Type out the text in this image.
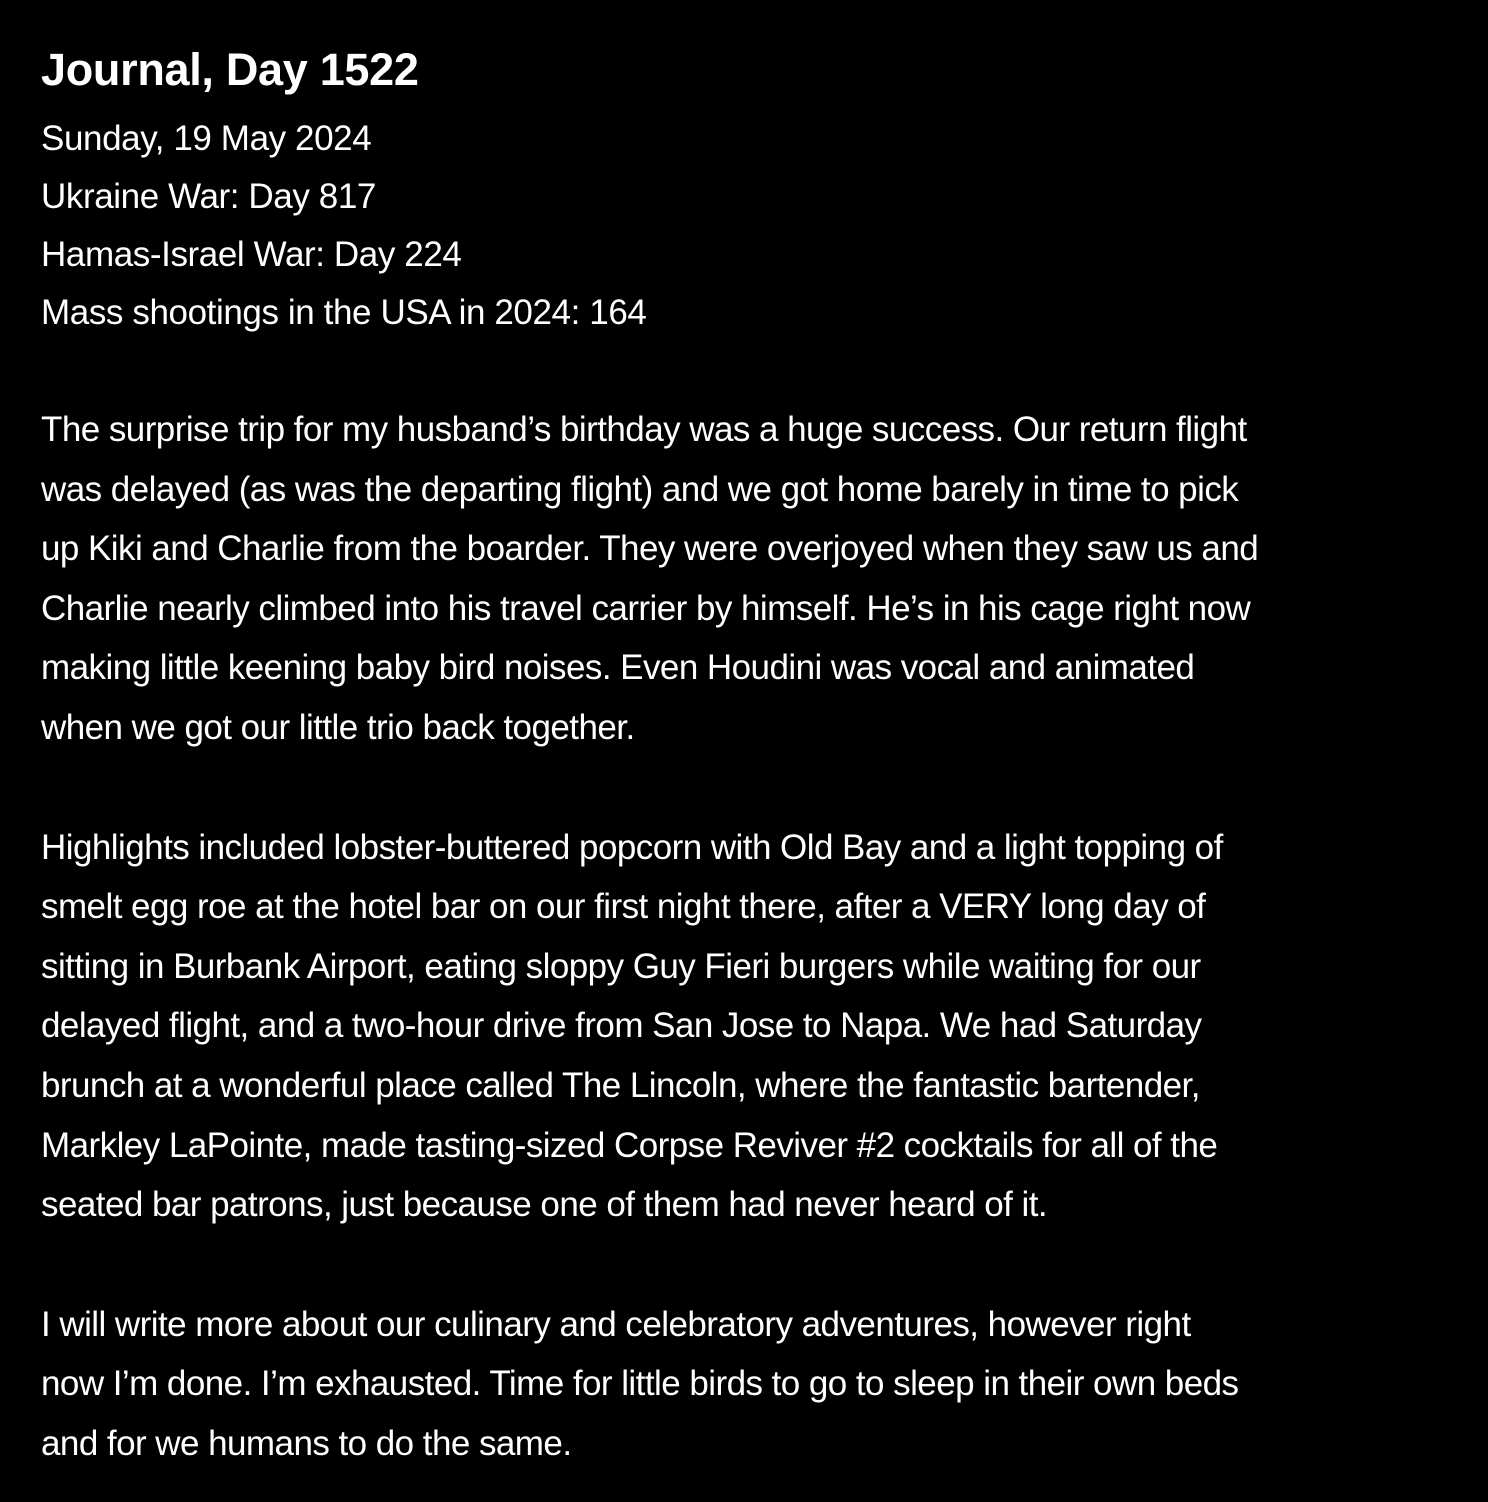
Journal, Day 1522
Sunday, 19 May 2024
Ukraine War: Day 817
Hamas-Israel War: Day 224
Mass shootings in the USA in 2024: 164

The surprise trip for my husband’s birthday was a huge success. Our return flight
was delayed (as was the departing flight) and we got home barely in time to pick
up Kiki and Charlie from the boarder. They were overjoyed when they saw us and
Charlie nearly climbed into his travel carrier by himself. He’s in his cage right now
making little keening baby bird noises. Even Houdini was vocal and animated
when we got our little trio back together.

Highlights included lobster-buttered popcorn with Old Bay and a light topping of
smelt egg roe at the hotel bar on our first night there, after a VERY long day of
sitting in Burbank Airport, eating sloppy Guy Fieri burgers while waiting for our
delayed flight, and a two-hour drive from San Jose to Napa. We had Saturday
brunch at a wonderful place called The Lincoln, where the fantastic bartender,
Markley LaPointe, made tasting-sized Corpse Reviver #2 cocktails for all of the
seated bar patrons, just because one of them had never heard of it.

I will write more about our culinary and celebratory adventures, however right
now I’m done. I’m exhausted. Time for little birds to go to sleep in their own beds
and for we humans to do the same.
